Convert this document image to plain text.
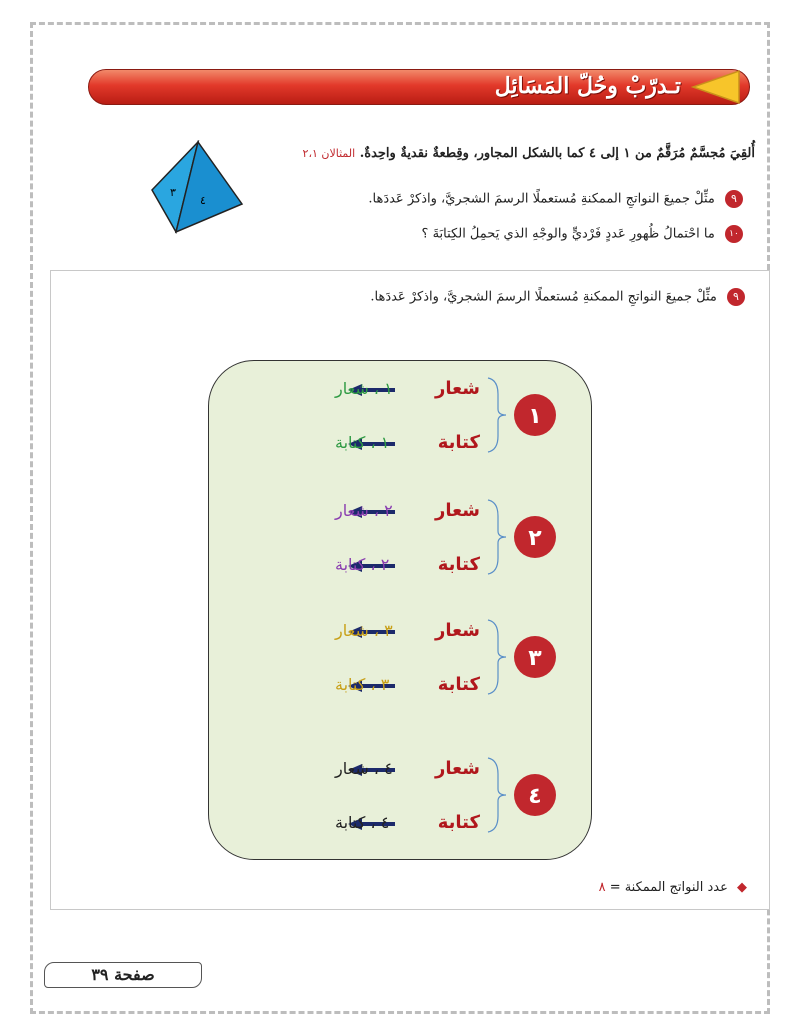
تـدرّبْ وحُلّ المَسَائِل
أُلقِيَ مُجسَّمٌ مُرَقَّمٌ من ١ إلى ٤ كما بالشكل المجاور، وقِطعةٌ نقديةٌ واحِدةٌ. المثالان ٢،١
٣
٤	٩ مثِّلْ جميعَ النواتجِ الممكنةِ مُستعملًا الرسمَ الشجريَّ، واذكرْ عَددَها.
١٠ ما احْتمالُ ظُهورِ عَددٍ فَرْديٍّ والوجْهِ الذي يَحمِلُ الكِتابَةَ ؟
٩ مثِّلْ جميعَ النواتجِ الممكنةِ مُستعملًا الرسمَ الشجريَّ، واذكرْ عَددَها.
١
شعار
١ ، شعار
كتابة
١ ، كتابة
٢
شعار
٢ ، شعار
كتابة
٢ ، كتابة
٣
شعار
٣ ، شعار
كتابة
٣ ، كتابة
٤
شعار
٤ ، شعار
كتابة
٤ ، كتابة
◆ عدد النواتج الممكنة = ٨
صفحة ٣٩
